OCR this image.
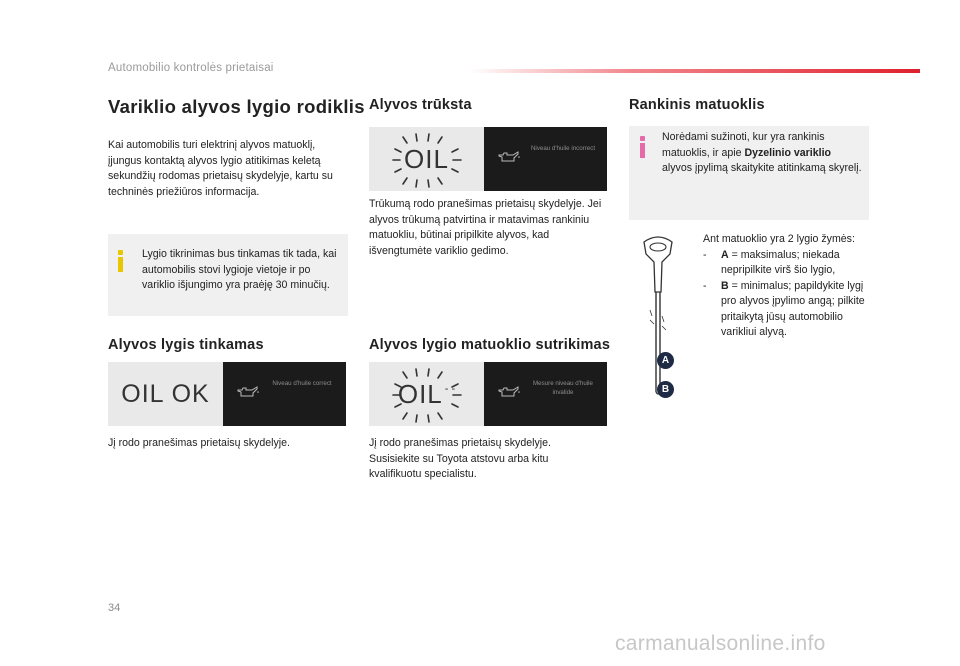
Automobilio kontrolės prietaisai
Variklio alyvos lygio rodiklis

Kai automobilis turi elektrinį alyvos matuoklį, įjungus kontaktą alyvos lygio atitikimas keletą sekundžių rodomas prietaisų skydelyje, kartu su techninės priežiūros informacija.

Lygio tikrinimas bus tinkamas tik tada, kai automobilis stovi lygioje vietoje ir po variklio išjungimo yra praėję 30 minučių.

Alyvos lygis tinkamas
OIL OK	Niveau d'huile correct

Jį rodo pranešimas prietaisų skydelyje.

Alyvos trūksta
OIL	Niveau d'huile incorrect

Trūkumą rodo pranešimas prietaisų skydelyje. Jei alyvos trūkumą patvirtina ir matavimas rankiniu matuokliu, būtinai pripilkite alyvos, kad išvengtumėte variklio gedimo.

Alyvos lygio matuoklio sutrikimas
OIL - -	Mesure niveau d'huile invalide

Jį rodo pranešimas prietaisų skydelyje. Susisiekite su Toyota atstovu arba kitu kvalifikuotu specialistu.

Rankinis matuoklis

Norėdami sužinoti, kur yra rankinis matuoklis, ir apie Dyzelinio variklio alyvos įpylimą skaitykite atitinkamą skyrelį.

A
B

Ant matuoklio yra 2 lygio žymės:

-	A = maksimalus; niekada nepripilkite virš šio lygio,

-	B = minimalus; papildykite lygį pro alyvos įpylimo angą; pilkite pritaikytą jūsų automobilio varikliui alyvą.

34
carmanualsonline.info
